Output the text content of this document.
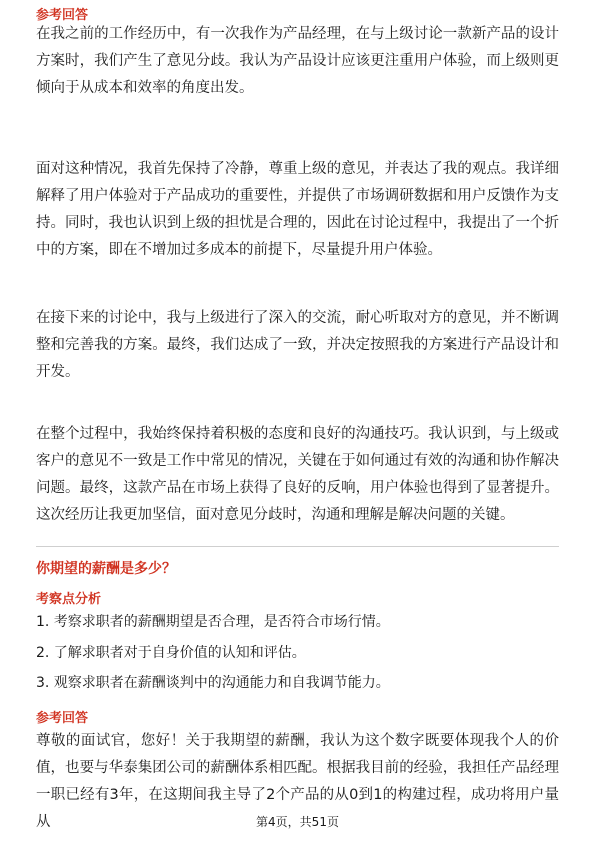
参考回答

在我之前的工作经历中，有一次我作为产品经理，在与上级讨论一款新产品的设计方案时，我们产生了意见分歧。我认为产品设计应该更注重用户体验，而上级则更倾向于从成本和效率的角度出发。

面对这种情况，我首先保持了冷静，尊重上级的意见，并表达了我的观点。我详细解释了用户体验对于产品成功的重要性，并提供了市场调研数据和用户反馈作为支持。同时，我也认识到上级的担忧是合理的，因此在讨论过程中，我提出了一个折中的方案，即在不增加过多成本的前提下，尽量提升用户体验。

在接下来的讨论中，我与上级进行了深入的交流，耐心听取对方的意见，并不断调整和完善我的方案。最终，我们达成了一致，并决定按照我的方案进行产品设计和开发。

在整个过程中，我始终保持着积极的态度和良好的沟通技巧。我认识到，与上级或客户的意见不一致是工作中常见的情况，关键在于如何通过有效的沟通和协作解决问题。最终，这款产品在市场上获得了良好的反响，用户体验也得到了显著提升。这次经历让我更加坚信，面对意见分歧时，沟通和理解是解决问题的关键。

你期望的薪酬是多少？
考察点分析
1. 考察求职者的薪酬期望是否合理，是否符合市场行情。
2. 了解求职者对于自身价值的认知和评估。
3. 观察求职者在薪酬谈判中的沟通能力和自我调节能力。
参考回答

尊敬的面试官，您好！关于我期望的薪酬，我认为这个数字既要体现我个人的价值，也要与华泰集团公司的薪酬体系相匹配。根据我目前的经验，我担任产品经理一职已经有3年，在这期间我主导了2个产品的从0到1的构建过程，成功将用户量从	第4页，共51页
